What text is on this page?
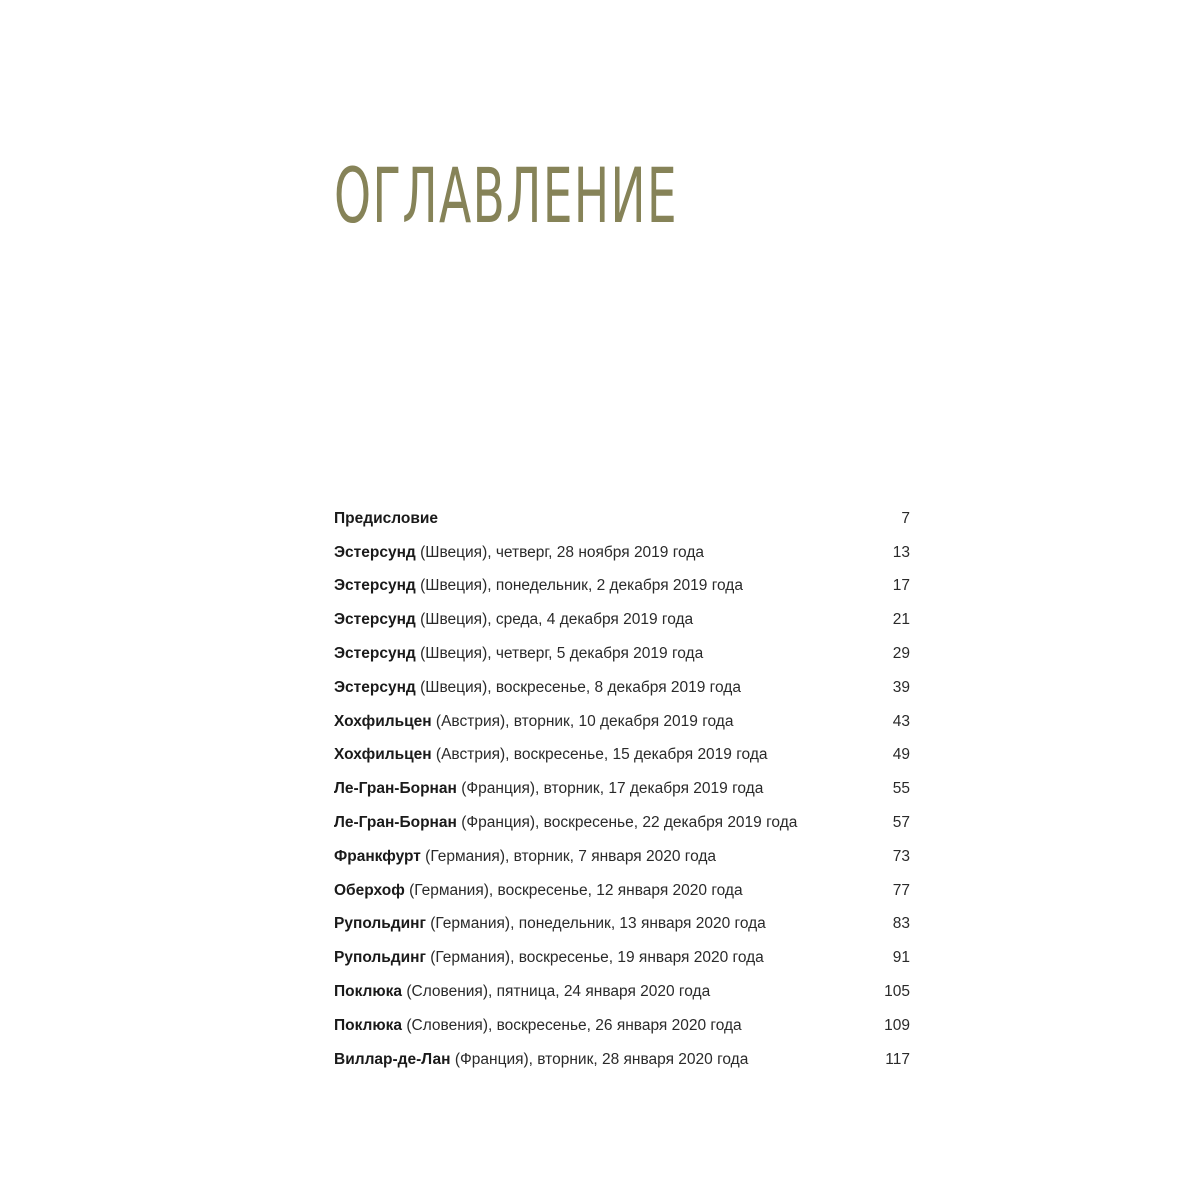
ОГЛАВЛЕНИЕ
Предисловие	7
Эстерсунд (Швеция), четверг, 28 ноября 2019 года	13
Эстерсунд (Швеция), понедельник, 2 декабря 2019 года	17
Эстерсунд (Швеция), среда, 4 декабря 2019 года	21
Эстерсунд (Швеция), четверг, 5 декабря 2019 года	29
Эстерсунд (Швеция), воскресенье, 8 декабря 2019 года	39
Хохфильцен (Австрия), вторник, 10 декабря 2019 года	43
Хохфильцен (Австрия), воскресенье, 15 декабря 2019 года	49
Ле-Гран-Борнан (Франция), вторник, 17 декабря 2019 года	55
Ле-Гран-Борнан (Франция), воскресенье, 22 декабря 2019 года	57
Франкфурт (Германия), вторник, 7 января 2020 года	73
Оберхоф (Германия), воскресенье, 12 января 2020 года	77
Рупольдинг (Германия), понедельник, 13 января 2020 года	83
Рупольдинг (Германия), воскресенье, 19 января 2020 года	91
Поклюка (Словения), пятница, 24 января 2020 года	105
Поклюка (Словения), воскресенье, 26 января 2020 года	109
Виллар-де-Лан (Франция), вторник, 28 января 2020 года	117
